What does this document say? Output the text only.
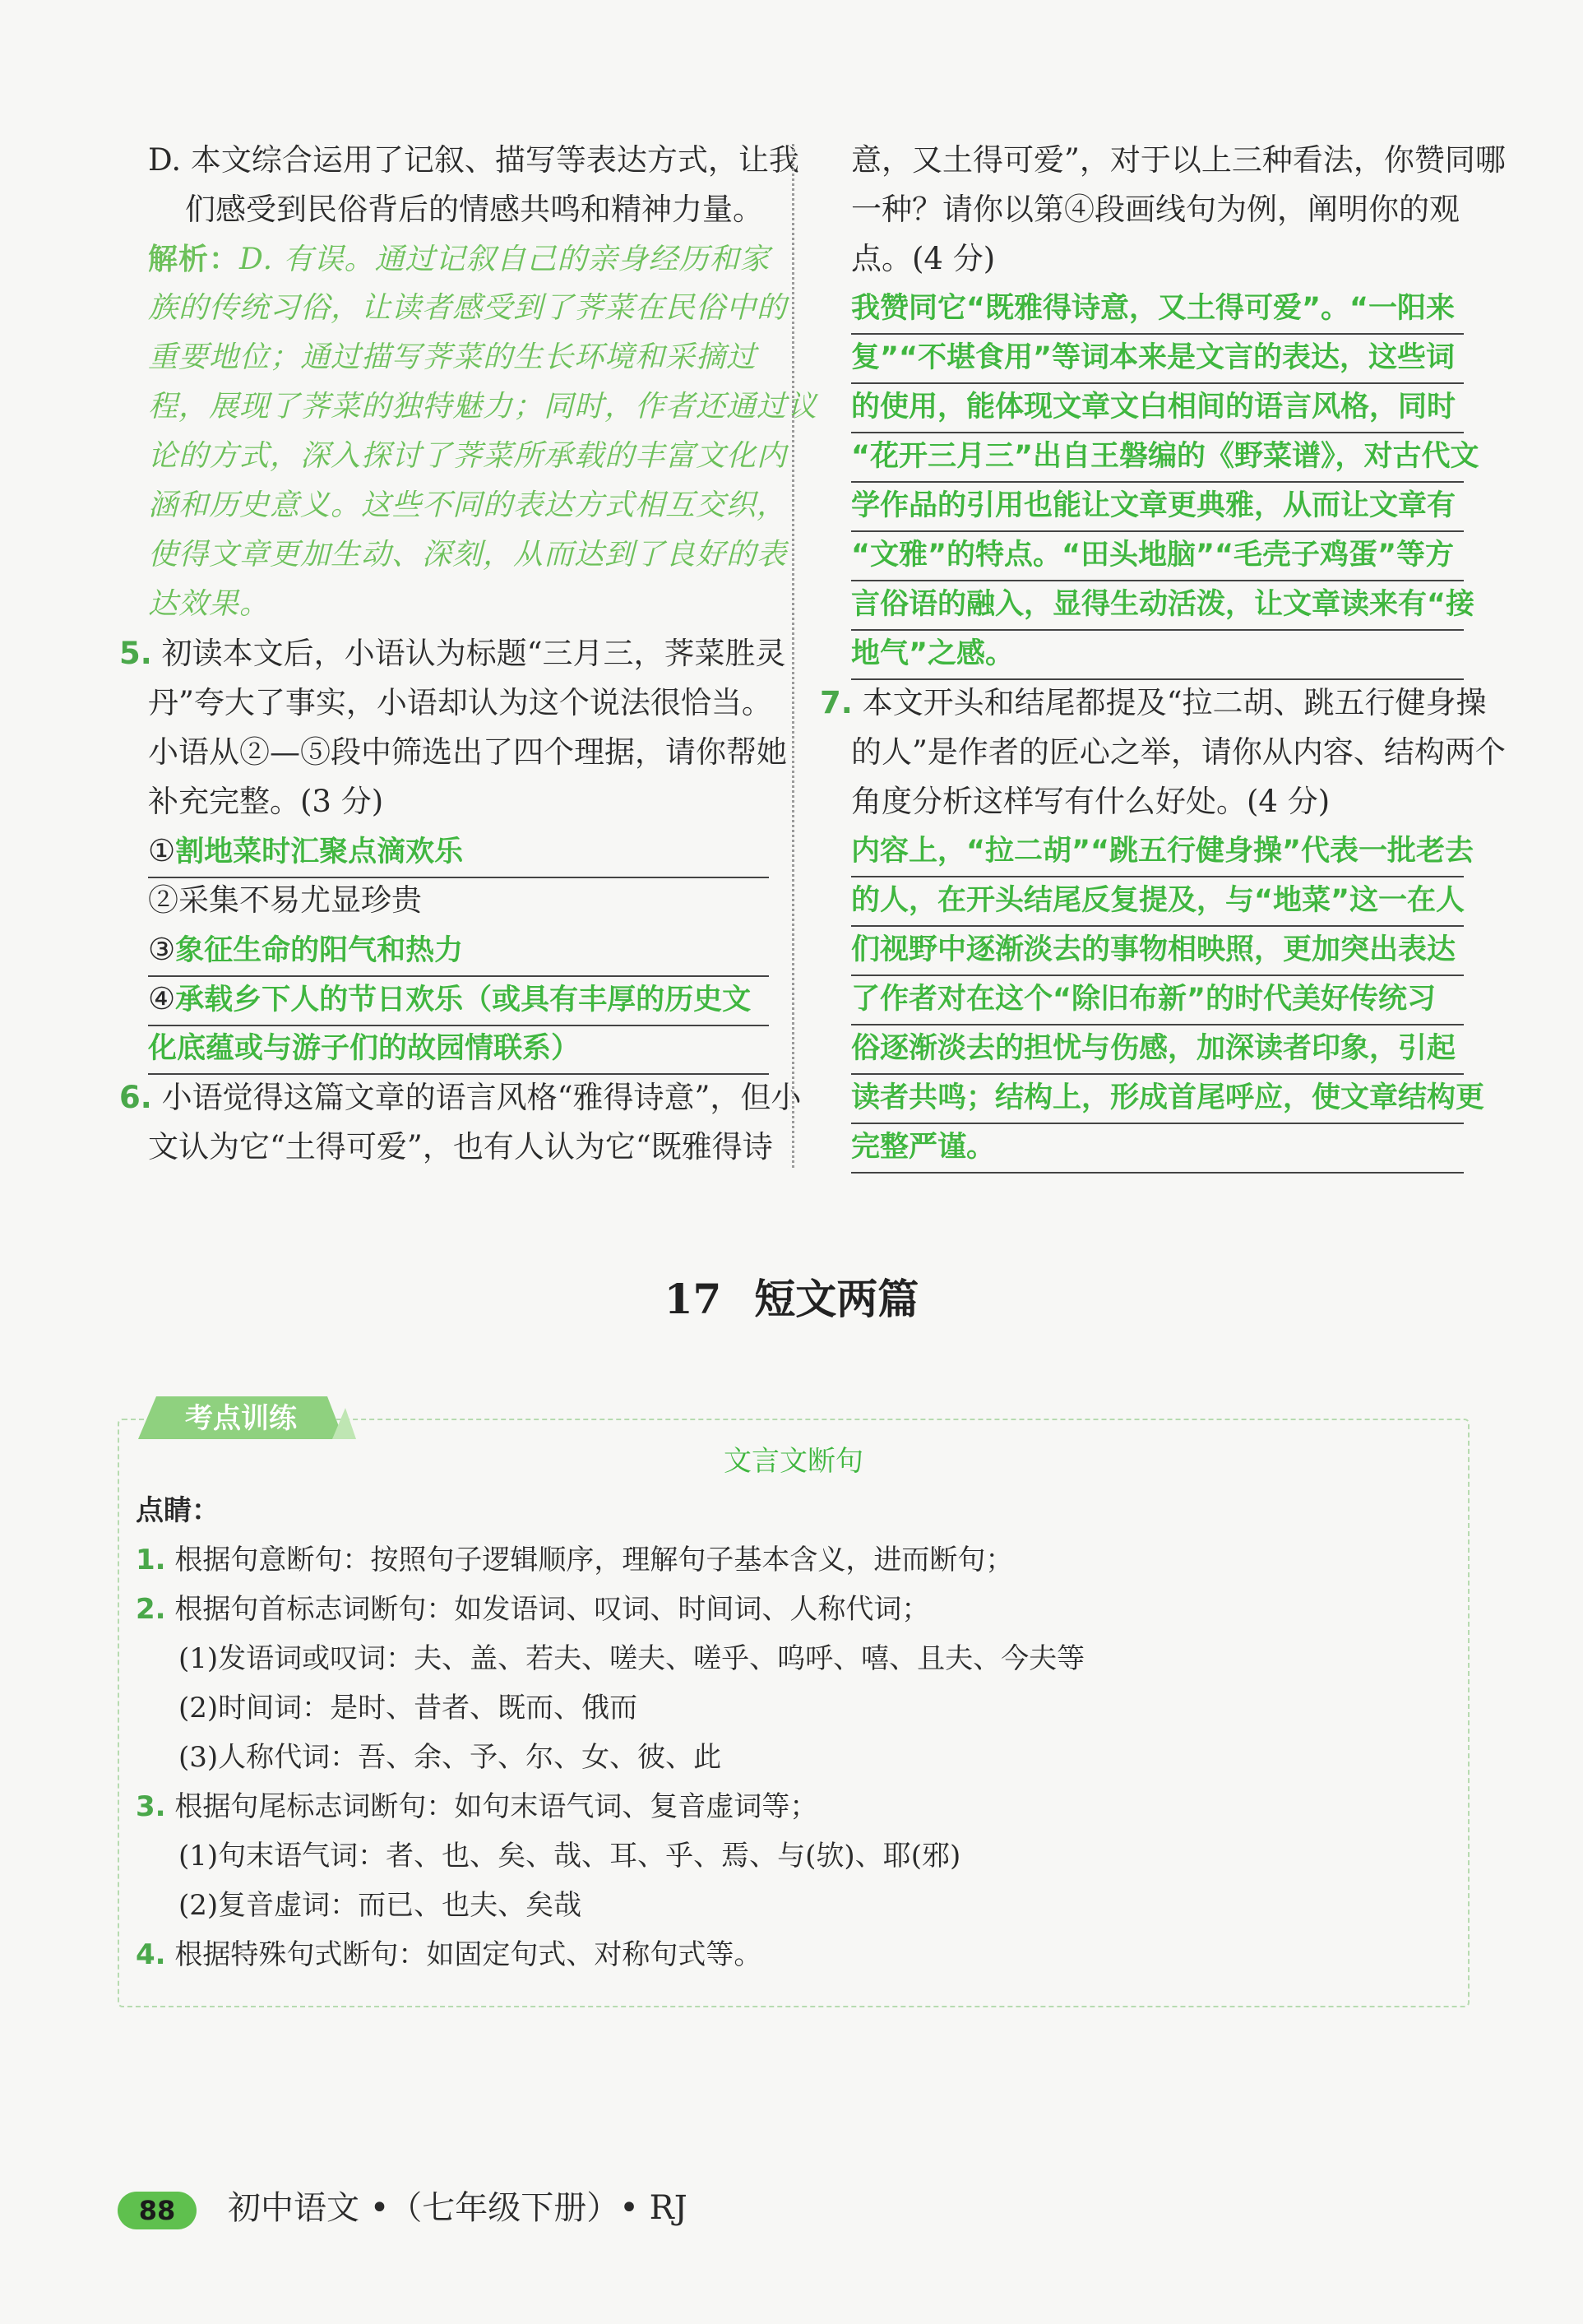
D. 本文综合运用了记叙、描写等表达方式，让我
们感受到民俗背后的情感共鸣和精神力量。
解析：D. 有误。通过记叙自己的亲身经历和家
族的传统习俗，让读者感受到了荠菜在民俗中的
重要地位；通过描写荠菜的生长环境和采摘过
程，展现了荠菜的独特魅力；同时，作者还通过议
论的方式，深入探讨了荠菜所承载的丰富文化内
涵和历史意义。这些不同的表达方式相互交织，
使得文章更加生动、深刻，从而达到了良好的表
达效果。
5. 初读本文后，小语认为标题“三月三，荠菜胜灵
丹”夸大了事实，小语却认为这个说法很恰当。
小语从②—⑤段中筛选出了四个理据，请你帮她
补充完整。(3 分)
①割地菜时汇聚点滴欢乐
②采集不易尤显珍贵
③象征生命的阳气和热力
④承载乡下人的节日欢乐（或具有丰厚的历史文
化底蕴或与游子们的故园情联系）
6. 小语觉得这篇文章的语言风格“雅得诗意”，但小
文认为它“土得可爱”，也有人认为它“既雅得诗
意，又土得可爱”，对于以上三种看法，你赞同哪
一种？请你以第④段画线句为例，阐明你的观
点。(4 分)
我赞同它“既雅得诗意，又土得可爱”。“一阳来
复”“不堪食用”等词本来是文言的表达，这些词
的使用，能体现文章文白相间的语言风格，同时
“花开三月三”出自王磐编的《野菜谱》，对古代文
学作品的引用也能让文章更典雅，从而让文章有
“文雅”的特点。“田头地脑”“毛壳子鸡蛋”等方
言俗语的融入，显得生动活泼，让文章读来有“接
地气”之感。
7. 本文开头和结尾都提及“拉二胡、跳五行健身操
的人”是作者的匠心之举，请你从内容、结构两个
角度分析这样写有什么好处。(4 分)
内容上，“拉二胡”“跳五行健身操”代表一批老去
的人，在开头结尾反复提及，与“地菜”这一在人
们视野中逐渐淡去的事物相映照，更加突出表达
了作者对在这个“除旧布新”的时代美好传统习
俗逐渐淡去的担忧与伤感，加深读者印象，引起
读者共鸣；结构上，形成首尾呼应，使文章结构更
完整严谨。
17 短文两篇
文言文断句
点睛：
1. 根据句意断句：按照句子逻辑顺序，理解句子基本含义，进而断句；
2. 根据句首标志词断句：如发语词、叹词、时间词、人称代词；
(1)发语词或叹词：夫、盖、若夫、嗟夫、嗟乎、呜呼、嘻、且夫、今夫等
(2)时间词：是时、昔者、既而、俄而
(3)人称代词：吾、余、予、尔、女、彼、此
3. 根据句尾标志词断句：如句末语气词、复音虚词等；
(1)句末语气词：者、也、矣、哉、耳、乎、焉、与(欤)、耶(邪)
(2)复音虚词：而已、也夫、矣哉
4. 根据特殊句式断句：如固定句式、对称句式等。
考点训练
88 初中语文 •（七年级下册）• RJ
